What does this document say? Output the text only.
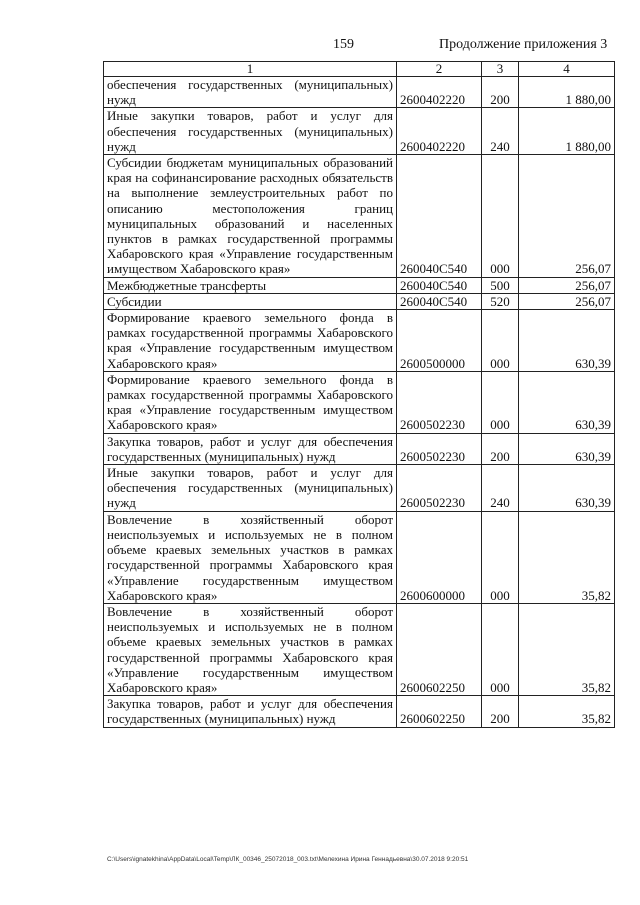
159	Продолжение приложения 3
1	2	3	4
обеспечения государственных (муниципальных) нужд	2600402220	200	1 880,00
Иные закупки товаров, работ и услуг для обеспечения государственных (муниципальных) нужд	2600402220	240	1 880,00
Субсидии бюджетам муниципальных образований края на софинансирование расходных обязательств на выполнение землеустроительных работ по описанию местоположения границ муниципальных образований и населенных пунктов в рамках государственной программы Хабаровского края «Управление государственным имуществом Хабаровского края»	260040С540	000	256,07
Межбюджетные трансферты	260040С540	500	256,07
Субсидии	260040С540	520	256,07
Формирование краевого земельного фонда в рамках государственной программы Хабаровского края «Управление государственным имуществом Хабаровского края»	2600500000	000	630,39
Формирование краевого земельного фонда в рамках государственной программы Хабаровского края «Управление государственным имуществом Хабаровского края»	2600502230	000	630,39
Закупка товаров, работ и услуг для обеспечения государственных (муниципальных) нужд	2600502230	200	630,39
Иные закупки товаров, работ и услуг для обеспечения государственных (муниципальных) нужд	2600502230	240	630,39
Вовлечение в хозяйственный оборот неиспользуемых и используемых не в полном объеме краевых земельных участков в рамках государственной программы Хабаровского края «Управление государственным имуществом Хабаровского края»	2600600000	000	35,82
Вовлечение в хозяйственный оборот неиспользуемых и используемых не в полном объеме краевых земельных участков в рамках государственной программы Хабаровского края «Управление государственным имуществом Хабаровского края»	2600602250	000	35,82
Закупка товаров, работ и услуг для обеспечения государственных (муниципальных) нужд	2600602250	200	35,82
C:\Users\ignatekhina\AppData\Local\Temp\ЛК_00346_25072018_003.txt\Мелехина Ирина Геннадьевна\30.07.2018 9:20:51
